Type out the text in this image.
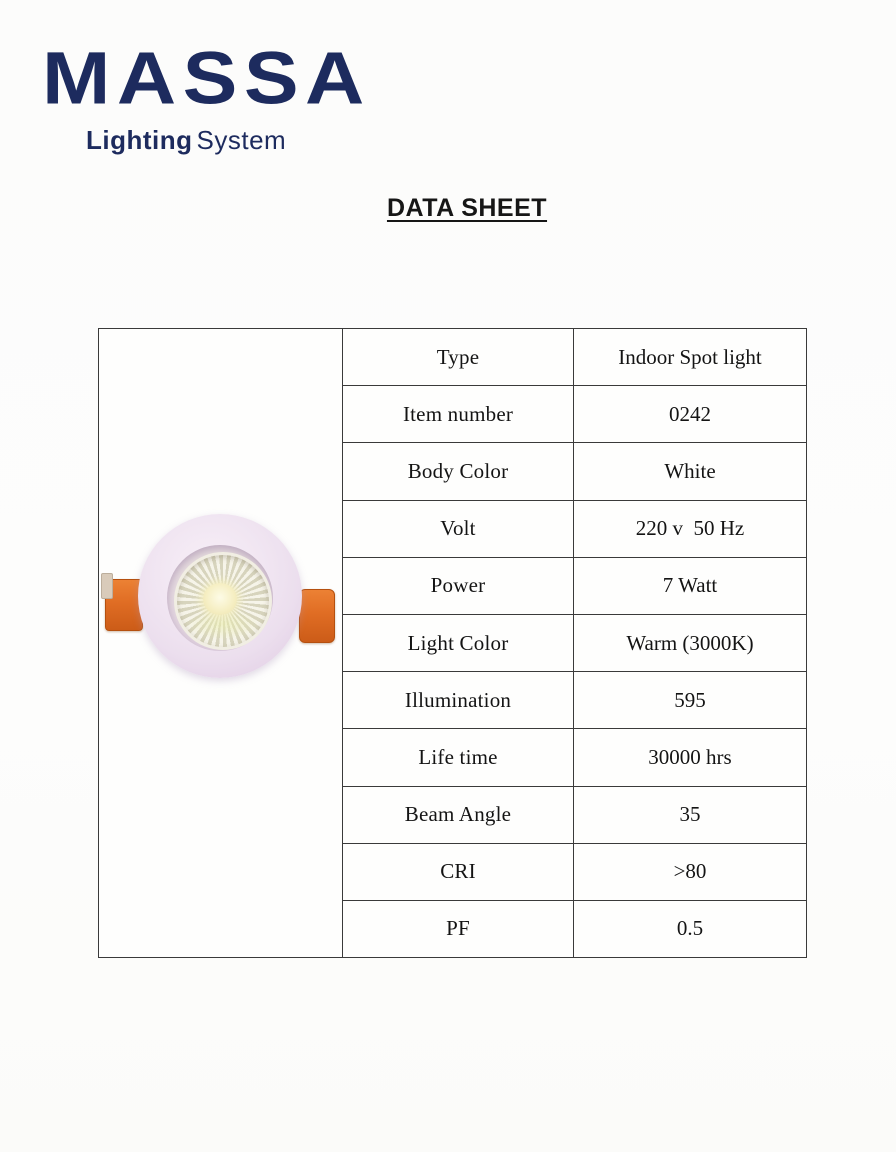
MASSA
Lighting System
DATA SHEET
	Type	Indoor Spot light
	Item number	0242
	Body Color	White
	Volt	220 v  50 Hz
	Power	7 Watt
	Light Color	Warm (3000K)
	Illumination	595
	Life time	30000 hrs
	Beam Angle	35
	CRI	>80
	PF	0.5
